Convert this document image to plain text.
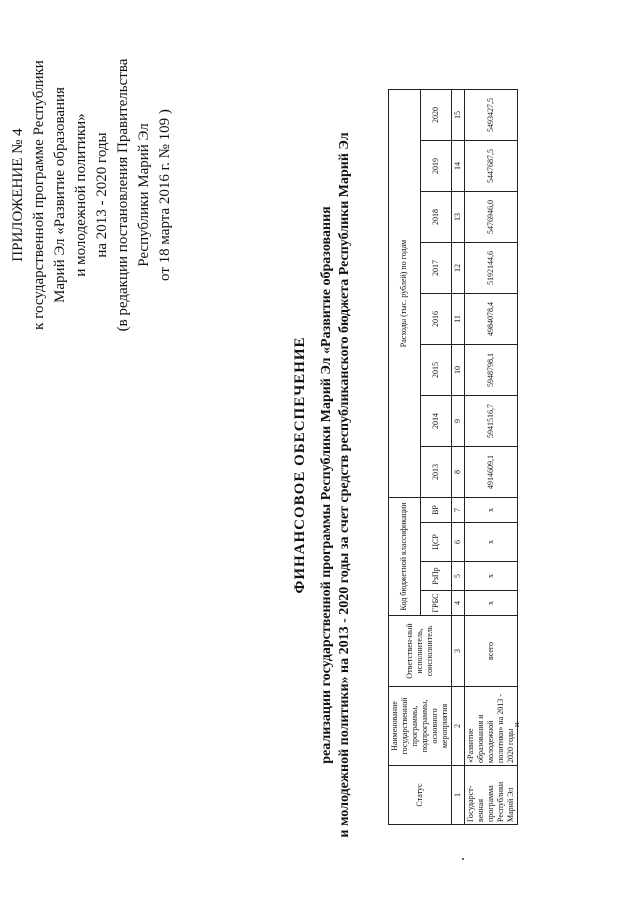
ПРИЛОЖЕНИЕ № 4 к государственной программе Республики Марий Эл «Развитие образования и молодежной политики» на 2013 - 2020 годы (в редакции постановления Правительства Республики Марий Эл от 18 марта 2016 г. № 109 )
ФИНАНСОВОЕ ОБЕСПЕЧЕНИЕ реализации государственной программы Республики Марий Эл «Развитие образования и молодежной политики» на 2013 - 2020 годы за счет средств республиканского бюджета Республики Марий Эл	Статус	Наименование государственной программы, подпрограммы, основного мероприятия	Ответствен-ный исполнитель, соисполнитель	Код бюджетной классификации				Расходы (тыс. рублей) по годам							
			ГРБС	РзПр	ЦСР	ВР	2013	2014	2015	2016	2017	2018	2019	2020
1	2	3	4	5	6	7	8	9	10	11	12	13	14	15
Государст-венная программа Республики Марий Эл	«Развитие образования и молодежной политики» на 2013 - 2020 годы	всего	х	х	х	х	4914609,1	5941516,7	5948798,1	4984078,4	5192144,6	5476946,0	5447687,5	5493427,5
и
